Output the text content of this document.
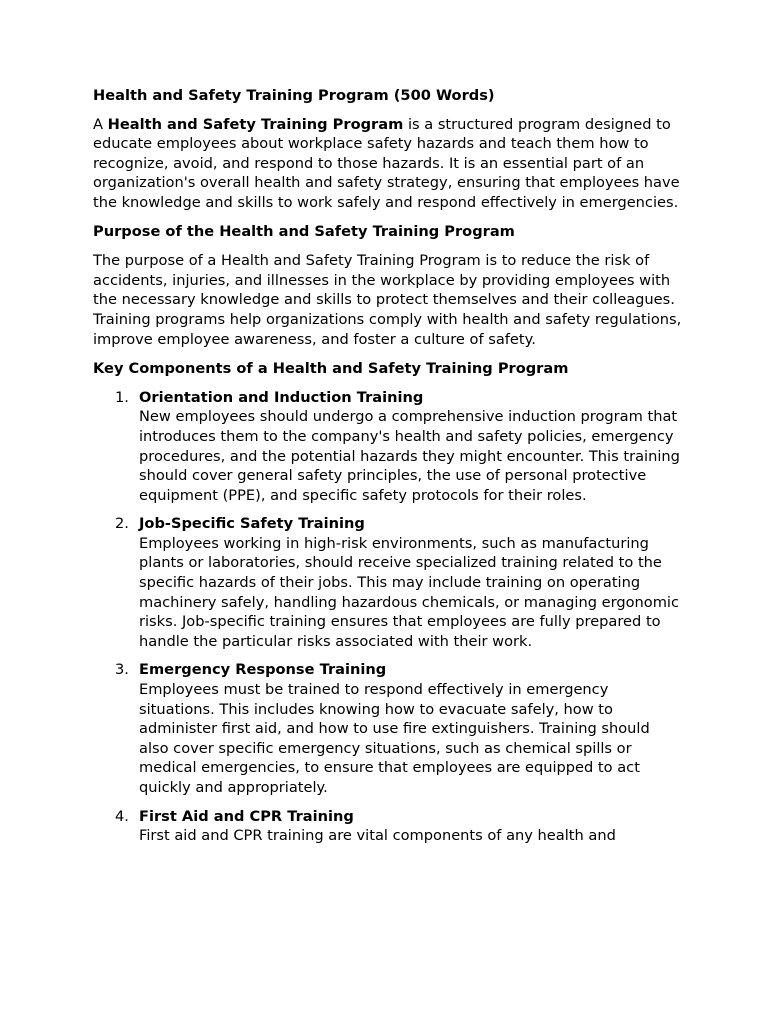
Health and Safety Training Program (500 Words)

A Health and Safety Training Program is a structured program designed to educate employees about workplace safety hazards and teach them how to recognize, avoid, and respond to those hazards. It is an essential part of an organization's overall health and safety strategy, ensuring that employees have the knowledge and skills to work safely and respond effectively in emergencies.

Purpose of the Health and Safety Training Program

The purpose of a Health and Safety Training Program is to reduce the risk of accidents, injuries, and illnesses in the workplace by providing employees with the necessary knowledge and skills to protect themselves and their colleagues. Training programs help organizations comply with health and safety regulations, improve employee awareness, and foster a culture of safety.

Key Components of a Health and Safety Training Program

1. Orientation and Induction Training
New employees should undergo a comprehensive induction program that introduces them to the company's health and safety policies, emergency procedures, and the potential hazards they might encounter. This training should cover general safety principles, the use of personal protective equipment (PPE), and specific safety protocols for their roles.
2. Job-Specific Safety Training
Employees working in high-risk environments, such as manufacturing plants or laboratories, should receive specialized training related to the specific hazards of their jobs. This may include training on operating machinery safely, handling hazardous chemicals, or managing ergonomic risks. Job-specific training ensures that employees are fully prepared to handle the particular risks associated with their work.
3. Emergency Response Training
Employees must be trained to respond effectively in emergency situations. This includes knowing how to evacuate safely, how to administer first aid, and how to use fire extinguishers. Training should also cover specific emergency situations, such as chemical spills or medical emergencies, to ensure that employees are equipped to act quickly and appropriately.
4. First Aid and CPR Training
First aid and CPR training are vital components of any health and
